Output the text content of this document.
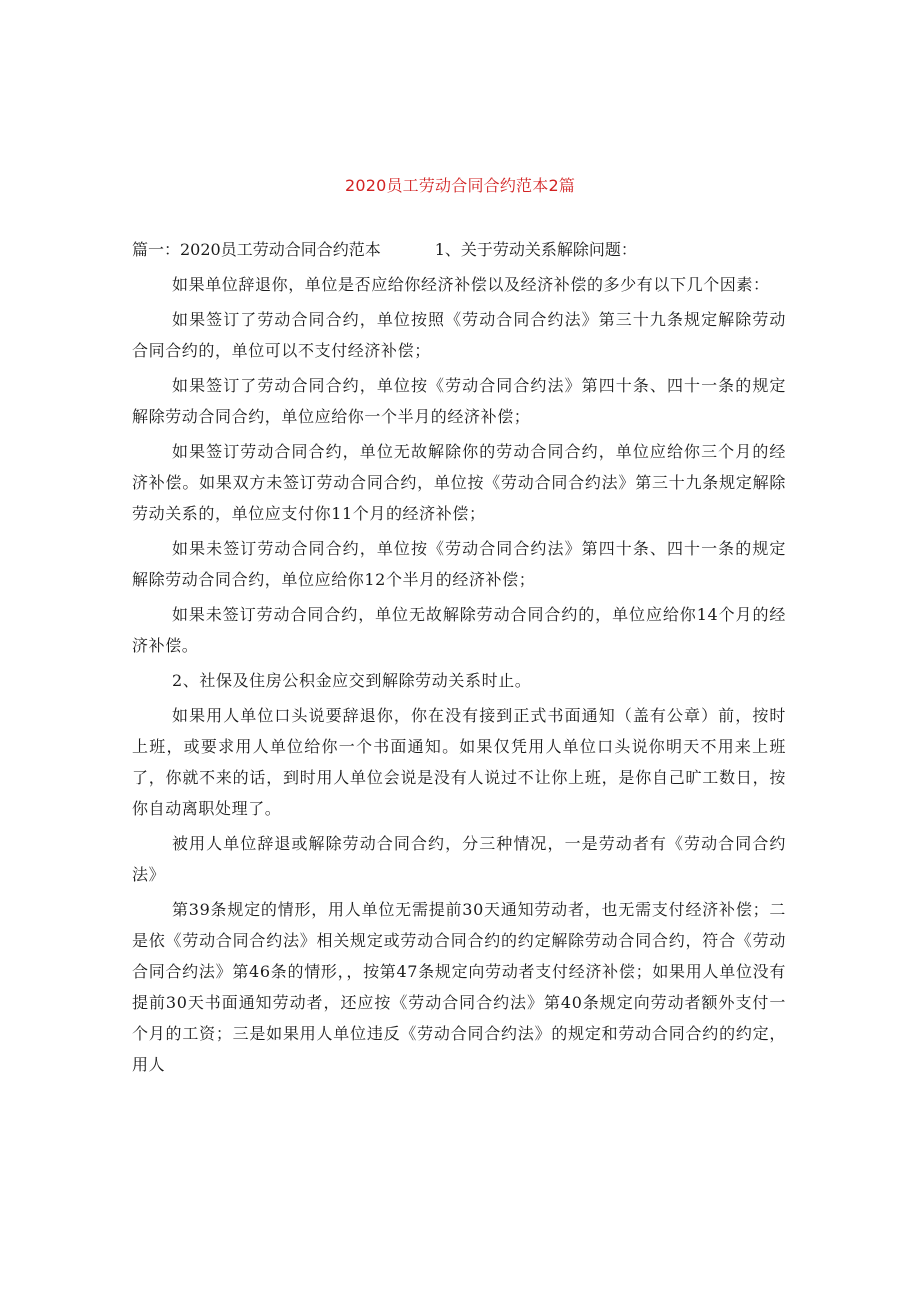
2020员工劳动合同合约范本2篇
篇一：2020员工劳动合同合约范本	1、关于劳动关系解除问题：

如果单位辞退你，单位是否应给你经济补偿以及经济补偿的多少有以下几个因素：

如果签订了劳动合同合约，单位按照《劳动合同合约法》第三十九条规定解除劳动合同合约的，单位可以不支付经济补偿；

如果签订了劳动合同合约，单位按《劳动合同合约法》第四十条、四十一条的规定解除劳动合同合约，单位应给你一个半月的经济补偿；

如果签订劳动合同合约，单位无故解除你的劳动合同合约，单位应给你三个月的经济补偿。如果双方未签订劳动合同合约，单位按《劳动合同合约法》第三十九条规定解除劳动关系的，单位应支付你11个月的经济补偿；

如果未签订劳动合同合约，单位按《劳动合同合约法》第四十条、四十一条的规定解除劳动合同合约，单位应给你12个半月的经济补偿；

如果未签订劳动合同合约，单位无故解除劳动合同合约的，单位应给你14个月的经济补偿。

2、社保及住房公积金应交到解除劳动关系时止。

如果用人单位口头说要辞退你，你在没有接到正式书面通知（盖有公章）前，按时上班，或要求用人单位给你一个书面通知。如果仅凭用人单位口头说你明天不用来上班了，你就不来的话，到时用人单位会说是没有人说过不让你上班，是你自己旷工数日，按你自动离职处理了。

被用人单位辞退或解除劳动合同合约，分三种情况，一是劳动者有《劳动合同合约法》

第39条规定的情形，用人单位无需提前30天通知劳动者，也无需支付经济补偿；二是依《劳动合同合约法》相关规定或劳动合同合约的约定解除劳动合同合约，符合《劳动合同合约法》第46条的情形，，按第47条规定向劳动者支付经济补偿；如果用人单位没有提前30天书面通知劳动者，还应按《劳动合同合约法》第40条规定向劳动者额外支付一个月的工资；三是如果用人单位违反《劳动合同合约法》的规定和劳动合同合约的约定，用人
